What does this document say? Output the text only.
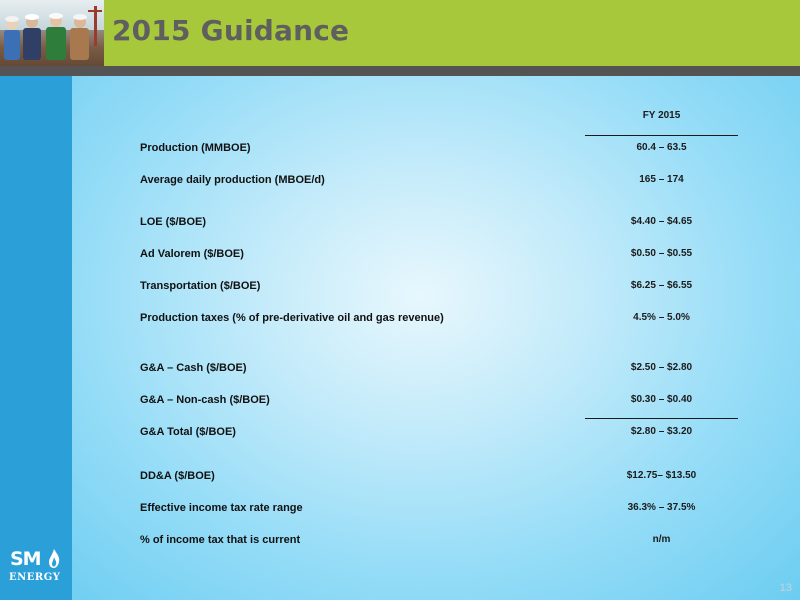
2015 Guidance
FY 2015
Production (MMBOE)	60.4 – 63.5
Average daily production (MBOE/d)	165 – 174
LOE ($/BOE)	$4.40 – $4.65
Ad Valorem ($/BOE)	$0.50 – $0.55
Transportation ($/BOE)	$6.25 – $6.55
Production taxes (% of pre-derivative oil and gas revenue)	4.5% – 5.0%
G&A – Cash ($/BOE)	$2.50 – $2.80
G&A – Non-cash ($/BOE)	$0.30 – $0.40
G&A Total ($/BOE)	$2.80 – $3.20
DD&A ($/BOE)	$12.75– $13.50
Effective income tax rate range	36.3% – 37.5%
% of income tax that is current	n/m
SM
ENERGY
13
